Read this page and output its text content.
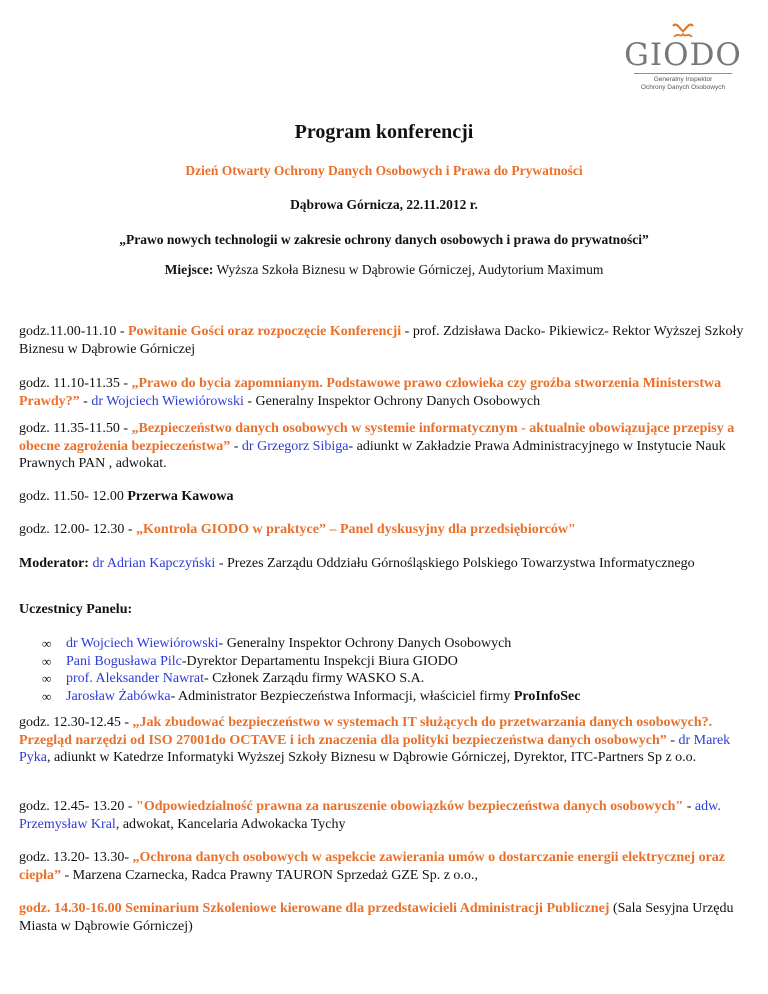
GIODO
Generalny Inspektor
Ochrony Danych Osobowych
Program konferencji
Dzień Otwarty Ochrony Danych Osobowych i Prawa do Prywatności
Dąbrowa Górnicza, 22.11.2012 r.
„Prawo nowych technologii w zakresie ochrony danych osobowych i prawa do prywatności”
Miejsce: Wyższa Szkoła Biznesu w Dąbrowie Górniczej, Audytorium Maximum
godz.11.00-11.10 - Powitanie Gości oraz rozpoczęcie Konferencji - prof. Zdzisława Dacko- Pikiewicz- Rektor Wyższej Szkoły Biznesu w Dąbrowie Górniczej
godz. 11.10-11.35 - „Prawo do bycia zapomnianym. Podstawowe prawo człowieka czy groźba stworzenia Ministerstwa Prawdy?” - dr Wojciech Wiewiórowski - Generalny Inspektor Ochrony Danych Osobowych
godz. 11.35-11.50 - „Bezpieczeństwo danych osobowych w systemie informatycznym - aktualnie obowiązujące przepisy a obecne zagrożenia bezpieczeństwa” - dr Grzegorz Sibiga- adiunkt w Zakładzie Prawa Administracyjnego w Instytucie Nauk Prawnych PAN , adwokat.
godz. 11.50- 12.00 Przerwa Kawowa
godz. 12.00- 12.30 - „Kontrola GIODO w praktyce” – Panel dyskusyjny dla przedsiębiorców"
Moderator: dr Adrian Kapczyński - Prezes Zarządu Oddziału Górnośląskiego Polskiego Towarzystwa Informatycznego
Uczestnicy Panelu:
∞ dr Wojciech Wiewiórowski- Generalny Inspektor Ochrony Danych Osobowych
∞ Pani Bogusława Pilc-Dyrektor Departamentu Inspekcji Biura GIODO
∞ prof. Aleksander Nawrat- Członek Zarządu firmy WASKO S.A.
∞ Jarosław Żabówka- Administrator Bezpieczeństwa Informacji, właściciel firmy ProInfoSec
godz. 12.30-12.45 - „Jak zbudować bezpieczeństwo w systemach IT służących do przetwarzania danych osobowych?. Przegląd narzędzi od ISO 27001do OCTAVE i ich znaczenia dla polityki bezpieczeństwa danych osobowych” - dr Marek Pyka, adiunkt w Katedrze Informatyki Wyższej Szkoły Biznesu w Dąbrowie Górniczej, Dyrektor, ITC-Partners Sp z o.o.
godz. 12.45- 13.20 - "Odpowiedzialność prawna za naruszenie obowiązków bezpieczeństwa danych osobowych" - adw. Przemysław Kral, adwokat, Kancelaria Adwokacka Tychy
godz. 13.20- 13.30- „Ochrona danych osobowych w aspekcie zawierania umów o dostarczanie energii elektrycznej oraz ciepła” - Marzena Czarnecka, Radca Prawny TAURON Sprzedaż GZE Sp. z o.o.,
godz. 14.30-16.00 Seminarium Szkoleniowe kierowane dla przedstawicieli Administracji Publicznej (Sala Sesyjna Urzędu Miasta w Dąbrowie Górniczej)
